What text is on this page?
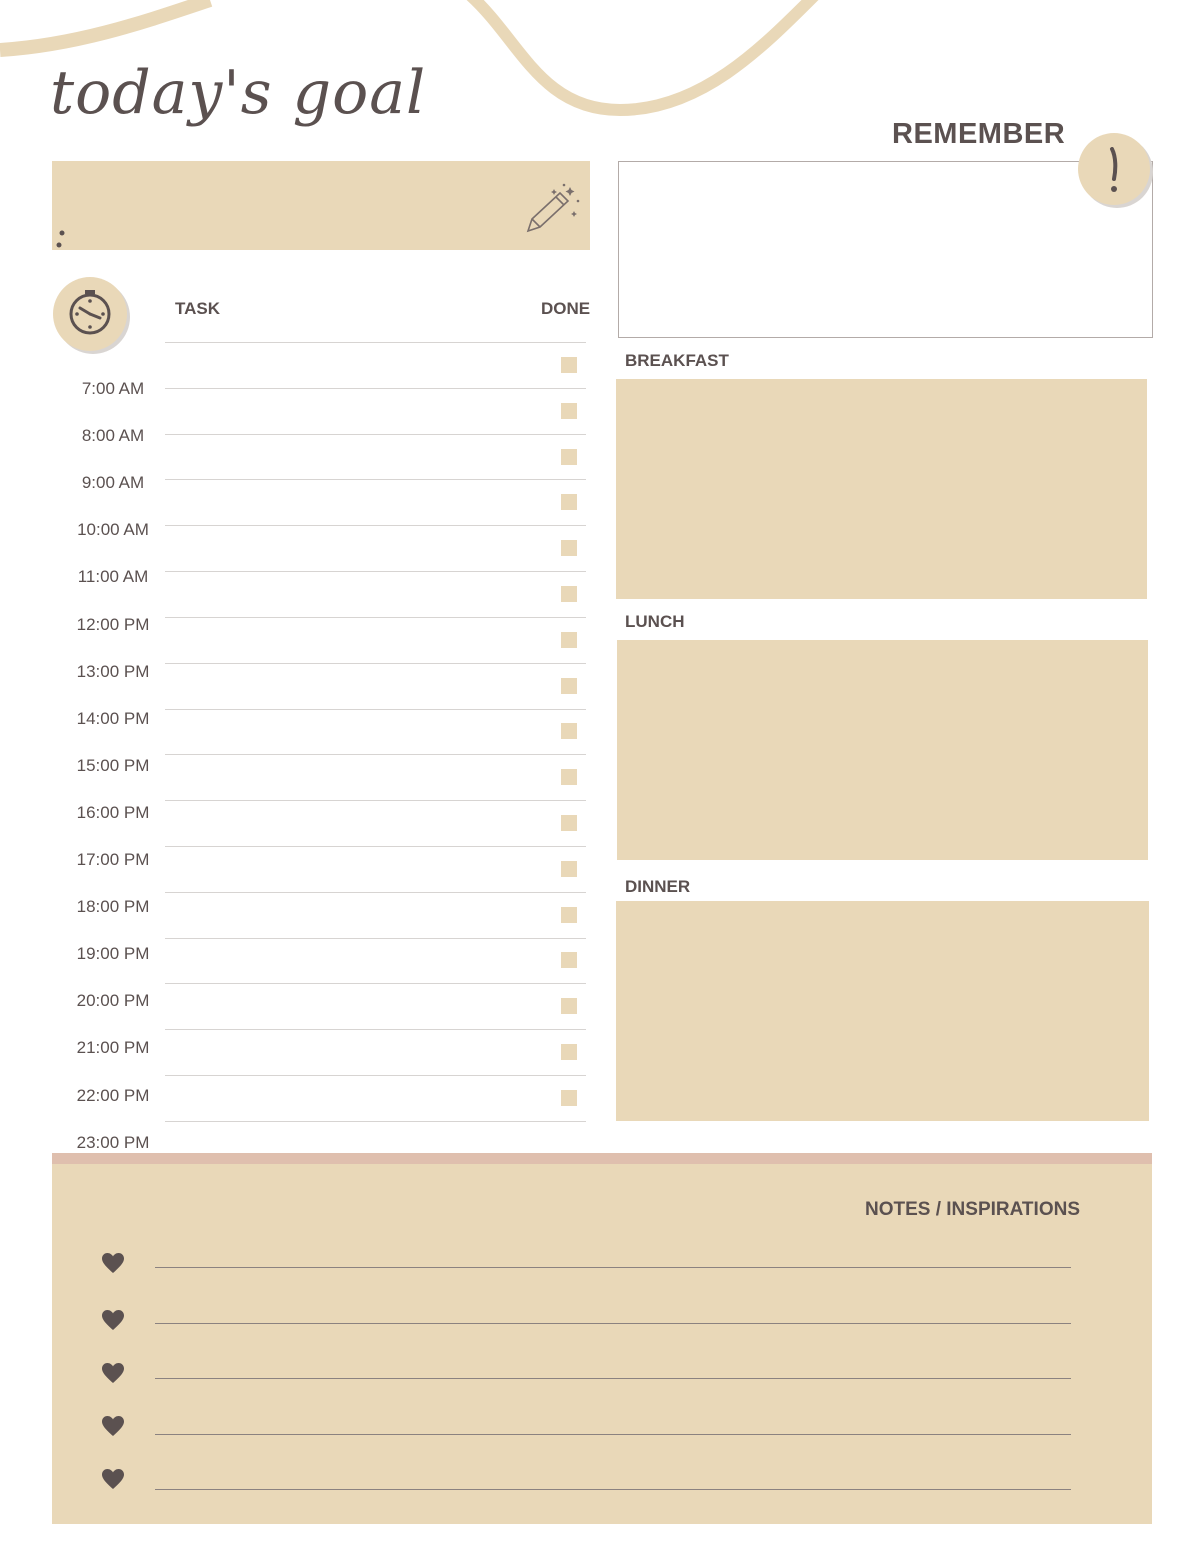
today's goal
TASK	DONE
7:00 AM
8:00 AM
9:00 AM
10:00 AM
11:00 AM
12:00 PM
13:00 PM
14:00 PM
15:00 PM
16:00 PM
17:00 PM
18:00 PM
19:00 PM
20:00 PM
21:00 PM
22:00 PM
23:00 PM
REMEMBER
BREAKFAST
LUNCH
DINNER
NOTES / INSPIRATIONS
